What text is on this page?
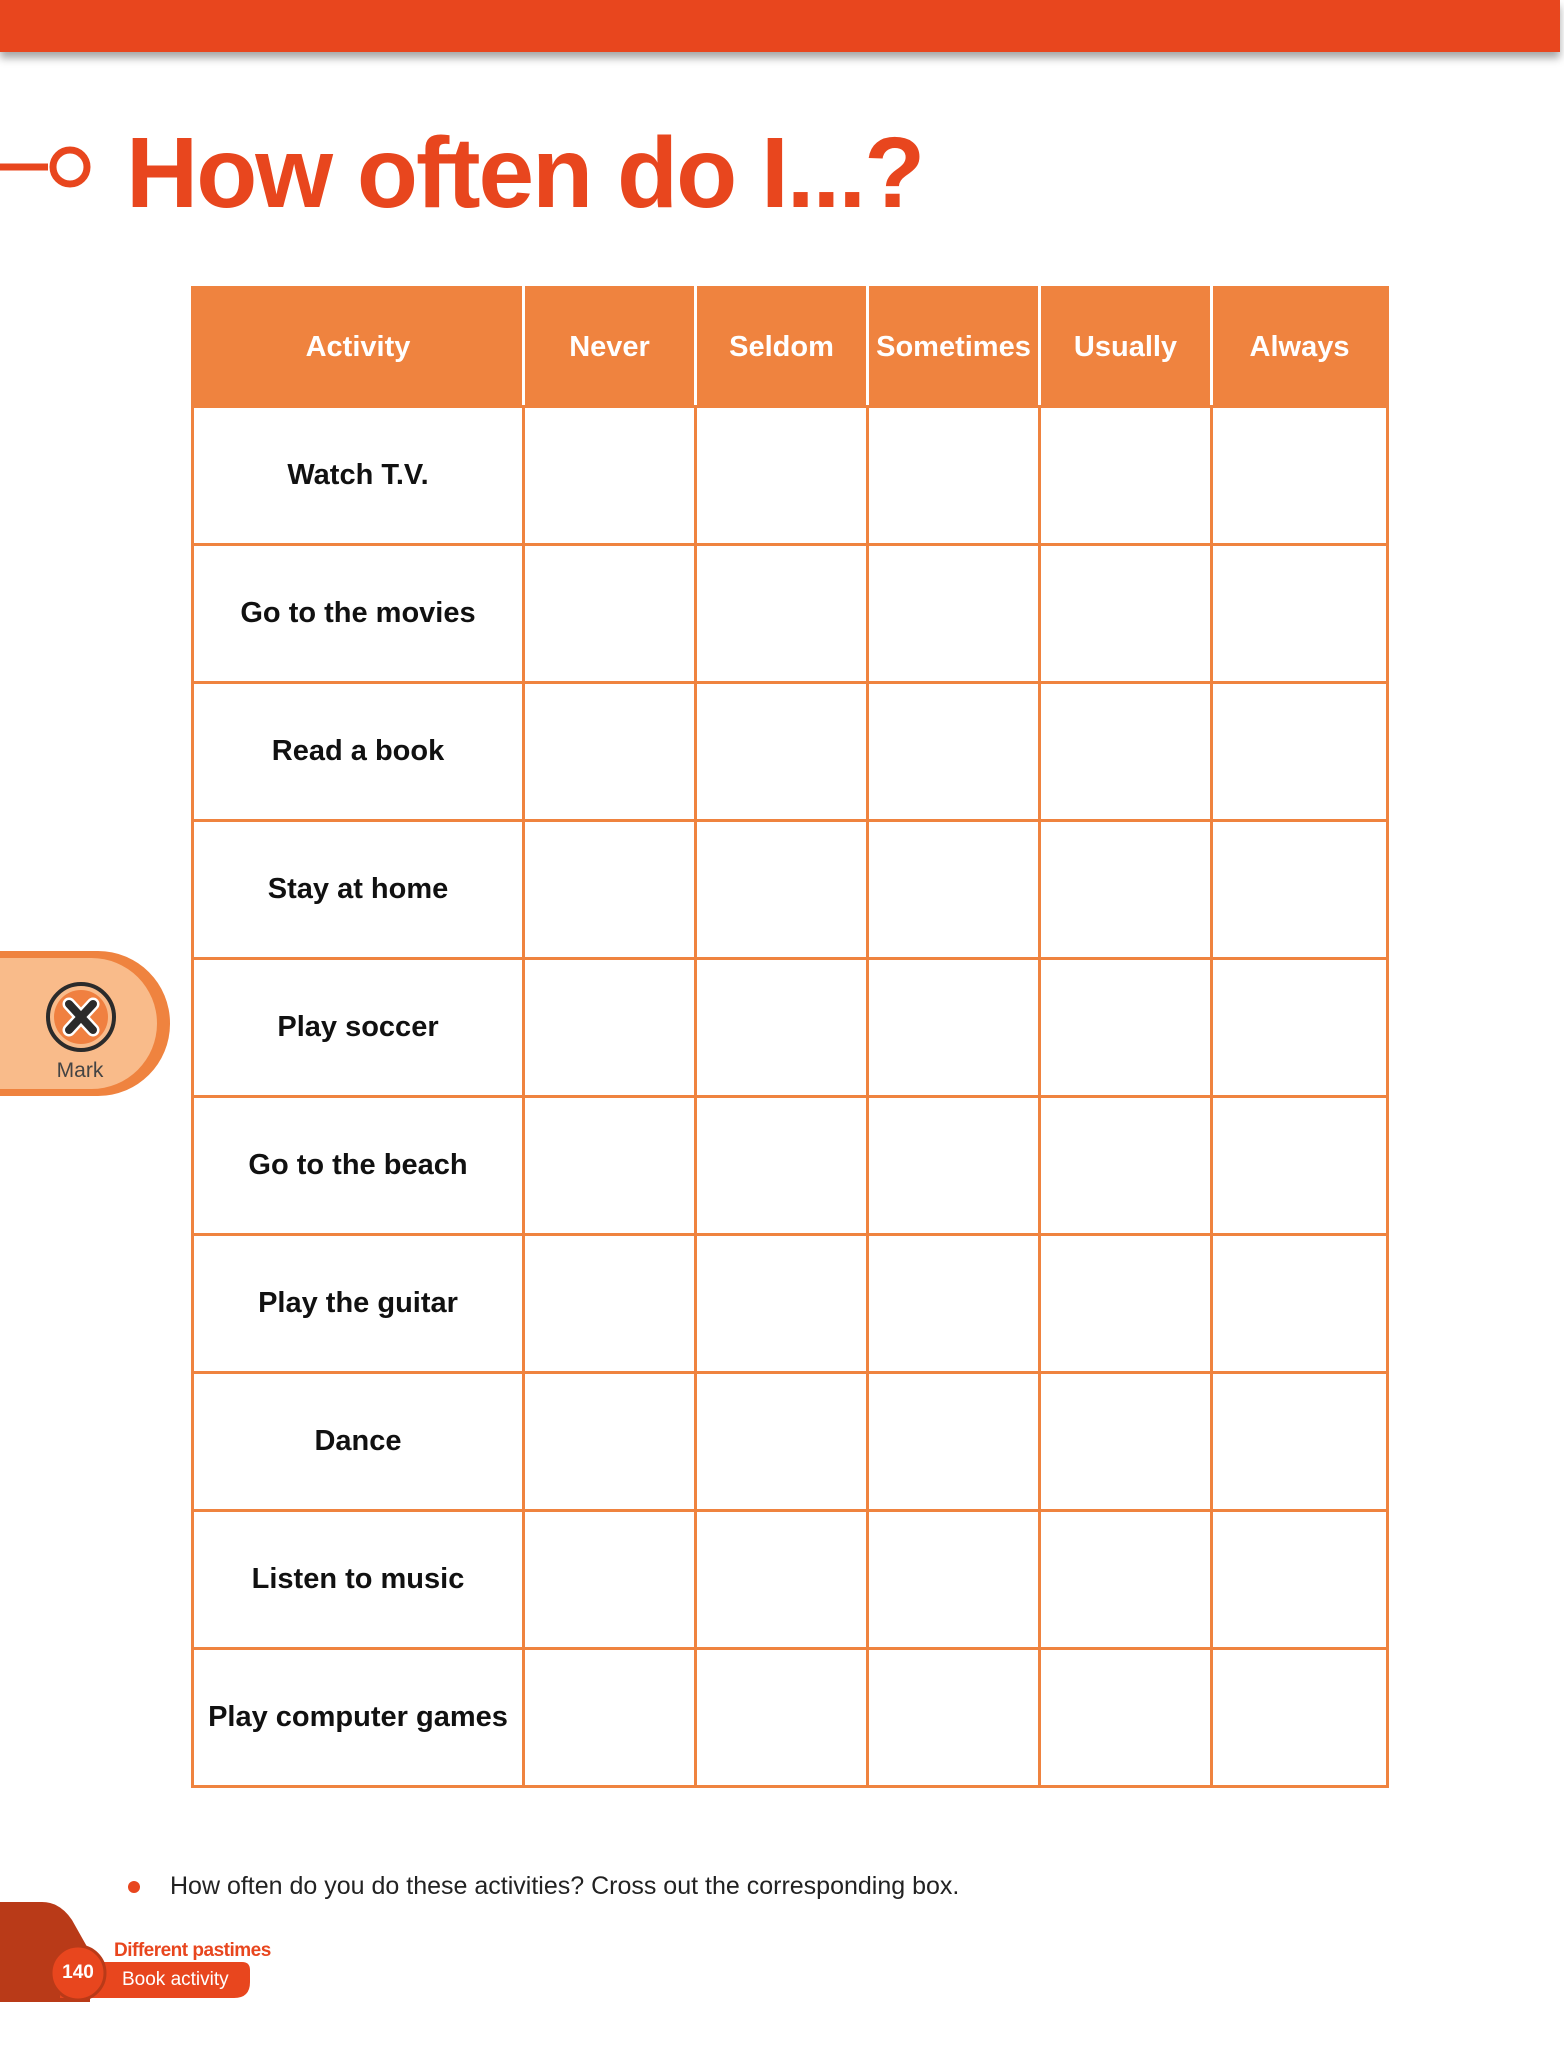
How often do I...?
Activity	Never	Seldom	Sometimes	Usually	Always
Watch T.V.					
Go to the movies					
Read a book					
Stay at home					
Play soccer					
Go to the beach					
Play the guitar					
Dance					
Listen to music					
Play computer games					
Mark
How often do you do these activities? Cross out the corresponding box.
140
Different pastimes
Book activity
